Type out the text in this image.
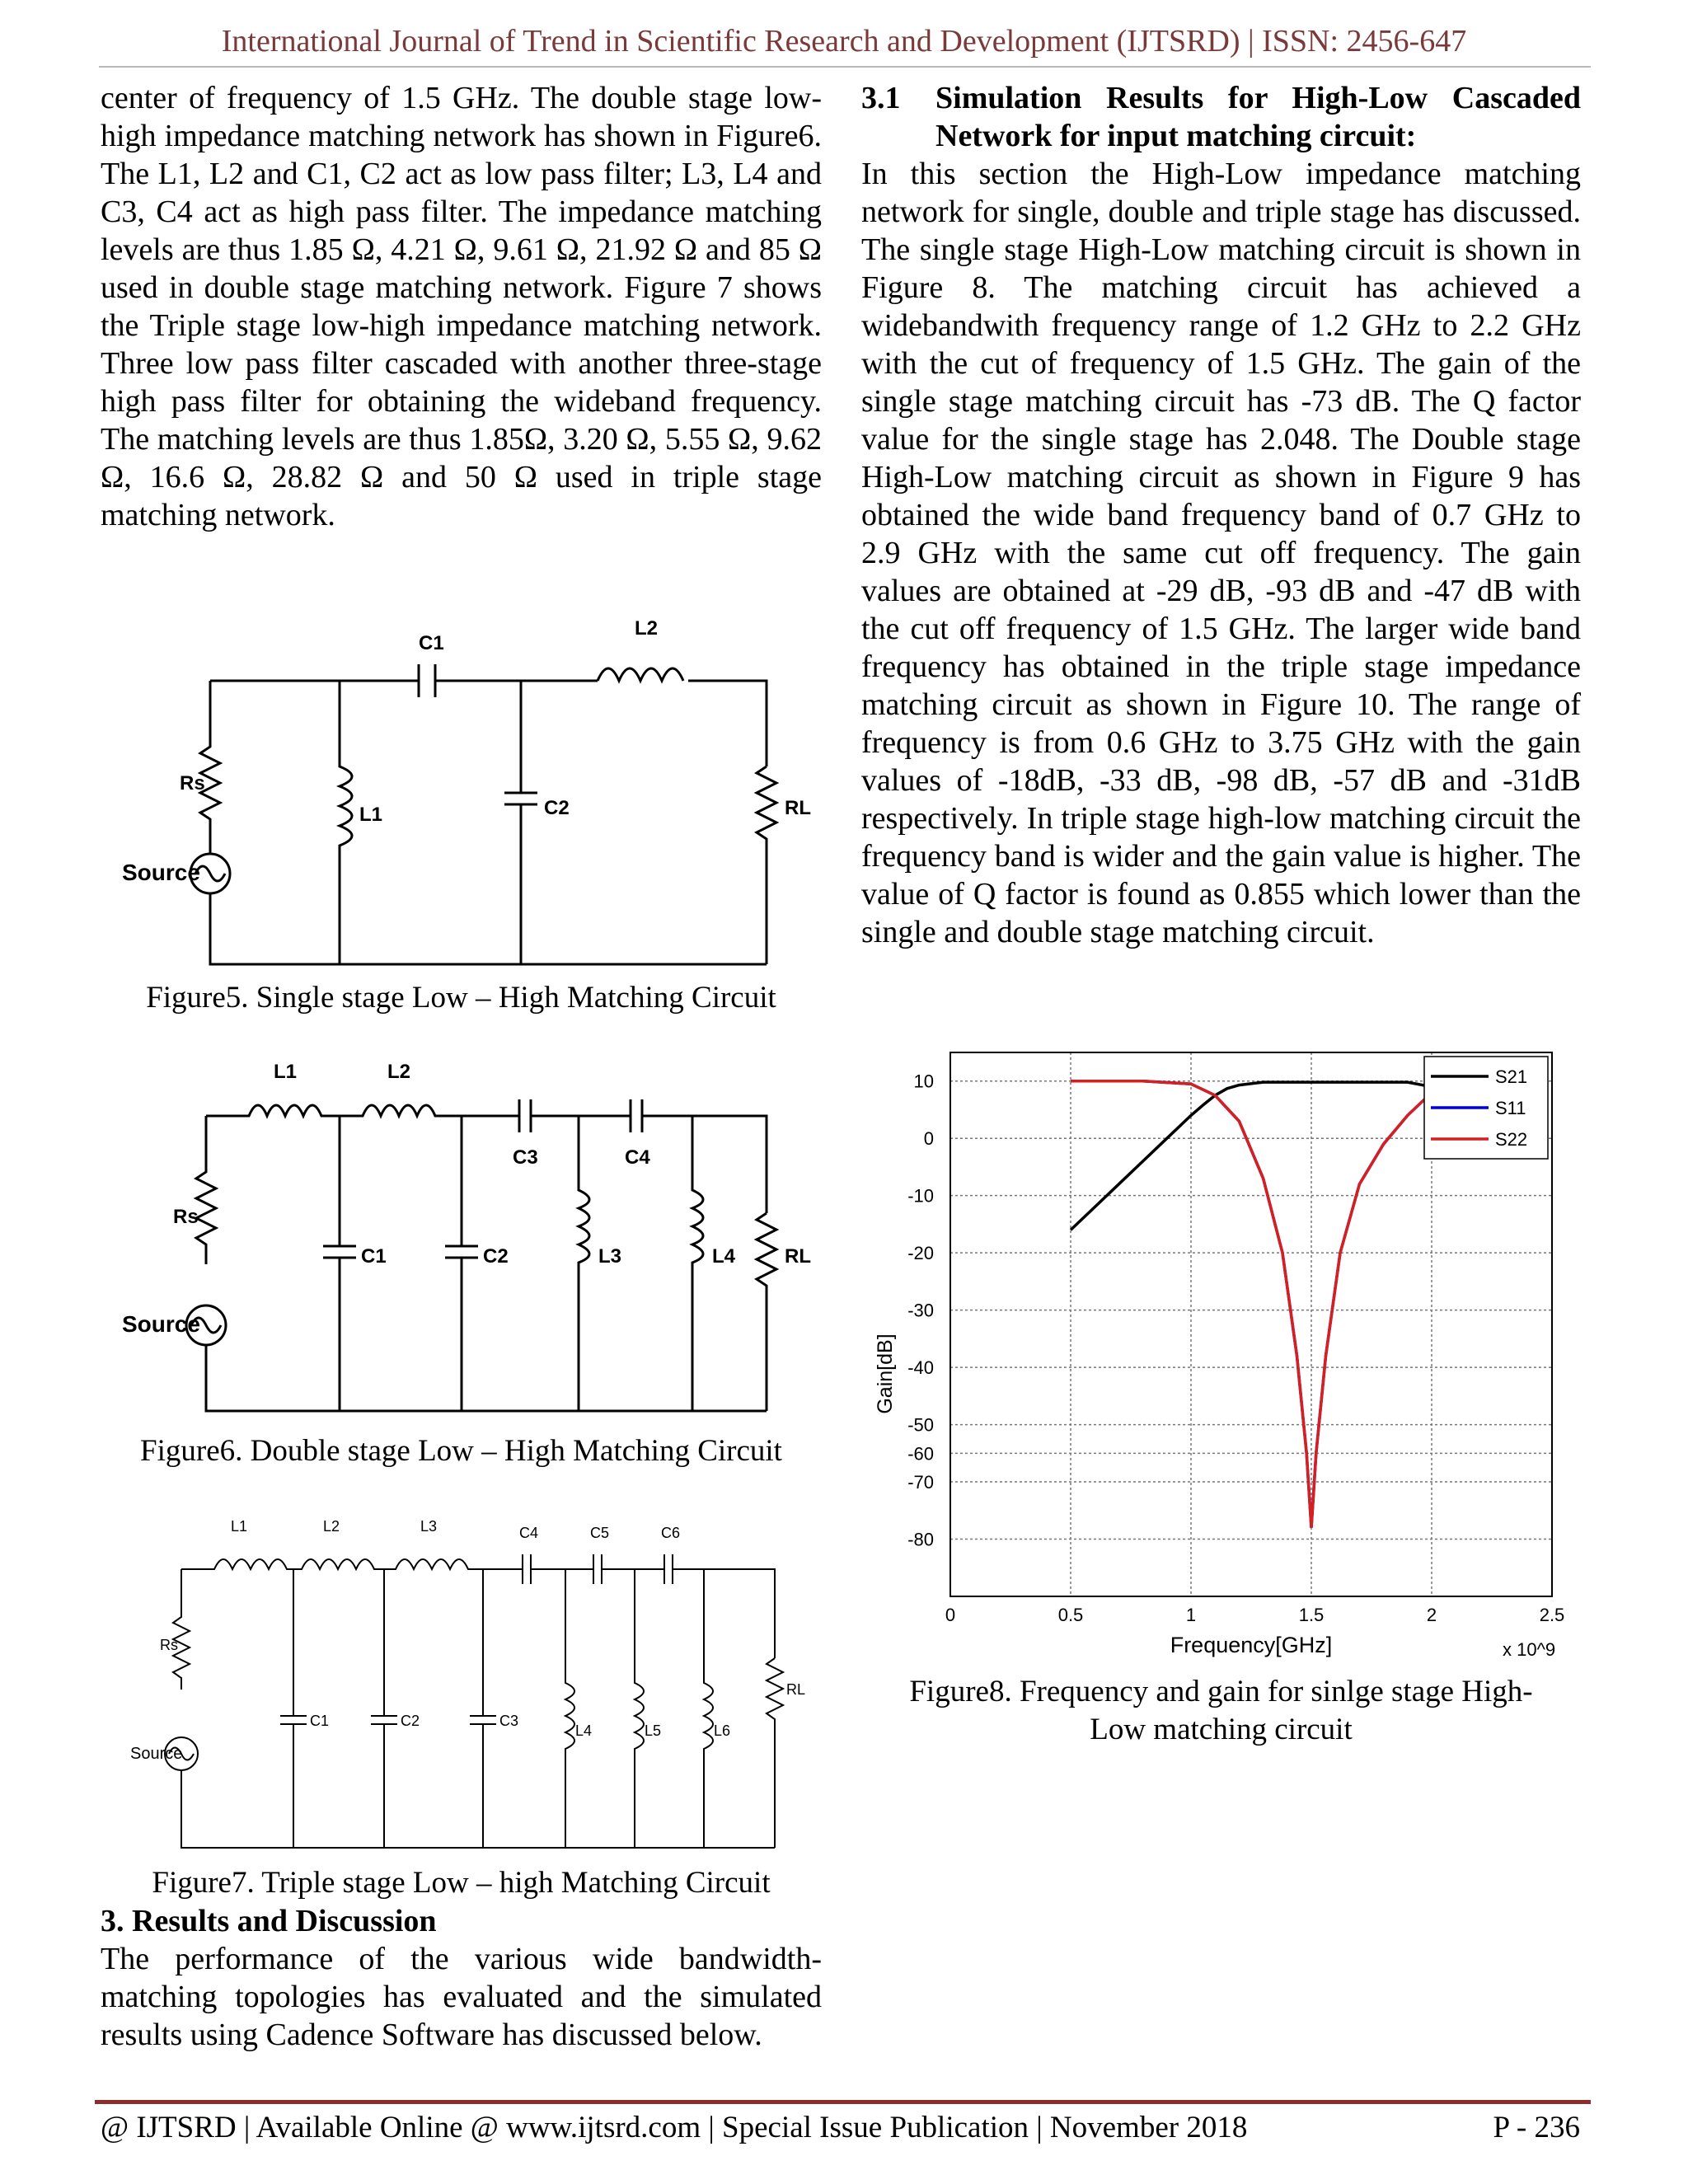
International Journal of Trend in Scientific Research and Development (IJTSRD) | ISSN: 2456-647

center of frequency of 1.5 GHz. The double stage low- high impedance matching network has shown in Figure6. The L1, L2 and C1, C2 act as low pass filter; L3, L4 and C3, C4 act as high pass filter. The impedance matching levels are thus 1.85 Ω, 4.21 Ω, 9.61 Ω, 21.92 Ω and 85 Ω used in double stage matching network. Figure 7 shows the Triple stage low-high impedance matching network. Three low pass filter cascaded with another three-stage high pass filter for obtaining the wideband frequency. The matching levels are thus 1.85Ω, 3.20 Ω, 5.55 Ω, 9.62 Ω, 16.6 Ω, 28.82 Ω and 50 Ω used in triple stage matching network.

C1
L2
Rs
L1	C2	RL
Source
Figure5. Single stage Low – High Matching Circuit
L1	L2
C3	C4
Rs
C1	C2	L3	L4 RL
Source
Figure6. Double stage Low – High Matching Circuit
L1	L2	L3	C4	C5	C6
Rs
C1	C2	C3
L4	L5	L6
RL
Source
Figure7. Triple stage Low – high Matching Circuit

3. Results and Discussion

The performance of the various wide bandwidth-matching topologies has evaluated and the simulated results using Cadence Software has discussed below.

3.1	Simulation Results for High-Low Cascaded
Network for input matching circuit:

In this section the High-Low impedance matching network for single, double and triple stage has discussed. The single stage High-Low matching circuit is shown in Figure 8. The matching circuit has achieved a widebandwith frequency range of 1.2 GHz to 2.2 GHz with the cut of frequency of 1.5 GHz. The gain of the single stage matching circuit has -73 dB. The Q factor value for the single stage has 2.048. The Double stage High-Low matching circuit as shown in Figure 9 has obtained the wide band frequency band of 0.7 GHz to 2.9 GHz with the same cut off frequency. The gain values are obtained at -29 dB, -93 dB and -47 dB with the cut off frequency of 1.5 GHz. The larger wide band frequency has obtained in the triple stage impedance matching circuit as shown in Figure 10. The range of frequency is from 0.6 GHz to 3.75 GHz with the gain values of -18dB, -33 dB, -98 dB, -57 dB and -31dB respectively. In triple stage high-low matching circuit the frequency band is wider and the gain value is higher. The value of Q factor is found as 0.855 which lower than the single and double stage matching circuit.

10
0
-10
-20
-30
-40
-50
-60
-70
-80
0	0.5	1	1.5	2	2.5
S21
S11
S22
Frequency[GHz]	x 10^9
Gain[dB]
Figure8. Frequency and gain for sinlge stage High-
Low matching circuit
@ IJTSRD | Available Online @ www.ijtsrd.com | Special Issue Publication | November 2018	P - 236
